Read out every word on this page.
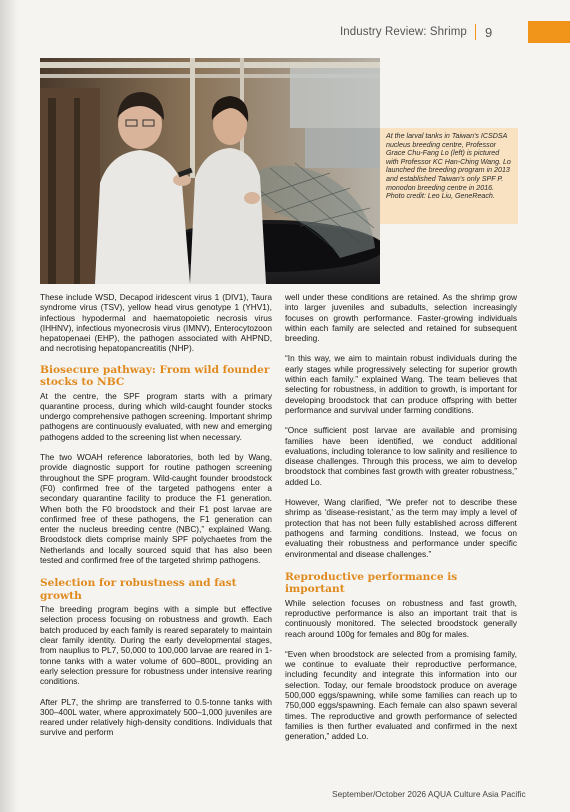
Industry Review: Shrimp 9

At the larval tanks in Taiwan's ICSDSA nucleus breeding centre, Professor Grace Chu-Fang Lo (left) is pictured with Professor KC Han-Ching Wang. Lo launched the breeding program in 2013 and established Taiwan's only SPF P. monodon breeding centre in 2016. Photo credit: Leo Liu, GeneReach.

These include WSD, Decapod iridescent virus 1 (DIV1), Taura syndrome virus (TSV), yellow head virus genotype 1 (YHV1), infectious hypodermal and haematopoietic necrosis virus (IHHNV), infectious myonecrosis virus (IMNV), Enterocytozoon hepatopenaei (EHP), the pathogen associated with AHPND, and necrotising hepatopancreatitis (NHP).

Biosecure pathway: From wild founder stocks to NBC

At the centre, the SPF program starts with a primary quarantine process, during which wild-caught founder stocks undergo comprehensive pathogen screening. Important shrimp pathogens are continuously evaluated, with new and emerging pathogens added to the screening list when necessary.

The two WOAH reference laboratories, both led by Wang, provide diagnostic support for routine pathogen screening throughout the SPF program. Wild-caught founder broodstock (F0) confirmed free of the targeted pathogens enter a secondary quarantine facility to produce the F1 generation. When both the F0 broodstock and their F1 post larvae are confirmed free of these pathogens, the F1 generation can enter the nucleus breeding centre (NBC),” explained Wang. Broodstock diets comprise mainly SPF polychaetes from the Netherlands and locally sourced squid that has also been tested and confirmed free of the targeted shrimp pathogens.

Selection for robustness and fast growth

The breeding program begins with a simple but effective selection process focusing on robustness and growth. Each batch produced by each family is reared separately to maintain clear family identity. During the early developmental stages, from nauplius to PL7, 50,000 to 100,000 larvae are reared in 1-tonne tanks with a water volume of 600–800L, providing an early selection pressure for robustness under intensive rearing conditions.

After PL7, the shrimp are transferred to 0.5-tonne tanks with 300–400L water, where approximately 500–1,000 juveniles are reared under relatively high-density conditions. Individuals that survive and perform

well under these conditions are retained. As the shrimp grow into larger juveniles and subadults, selection increasingly focuses on growth performance. Faster-growing individuals within each family are selected and retained for subsequent breeding.

“In this way, we aim to maintain robust individuals during the early stages while progressively selecting for superior growth within each family.” explained Wang. The team believes that selecting for robustness, in addition to growth, is important for developing broodstock that can produce offspring with better performance and survival under farming conditions.

“Once sufficient post larvae are available and promising families have been identified, we conduct additional evaluations, including tolerance to low salinity and resilience to disease challenges. Through this process, we aim to develop broodstock that combines fast growth with greater robustness,” added Lo.

However, Wang clarified, “We prefer not to describe these shrimp as ‘disease-resistant,’ as the term may imply a level of protection that has not been fully established across different pathogens and farming conditions. Instead, we focus on evaluating their robustness and performance under specific environmental and disease challenges.”

Reproductive performance is important

While selection focuses on robustness and fast growth, reproductive performance is also an important trait that is continuously monitored. The selected broodstock generally reach around 100g for females and 80g for males.

“Even when broodstock are selected from a promising family, we continue to evaluate their reproductive performance, including fecundity and integrate this information into our selection. Today, our female broodstock produce on average 500,000 eggs/spawning, while some families can reach up to 750,000 eggs/spawning. Each female can also spawn several times. The reproductive and growth performance of selected families is then further evaluated and confirmed in the next generation,” added Lo.

September/October 2026 AQUA Culture Asia Pacific
